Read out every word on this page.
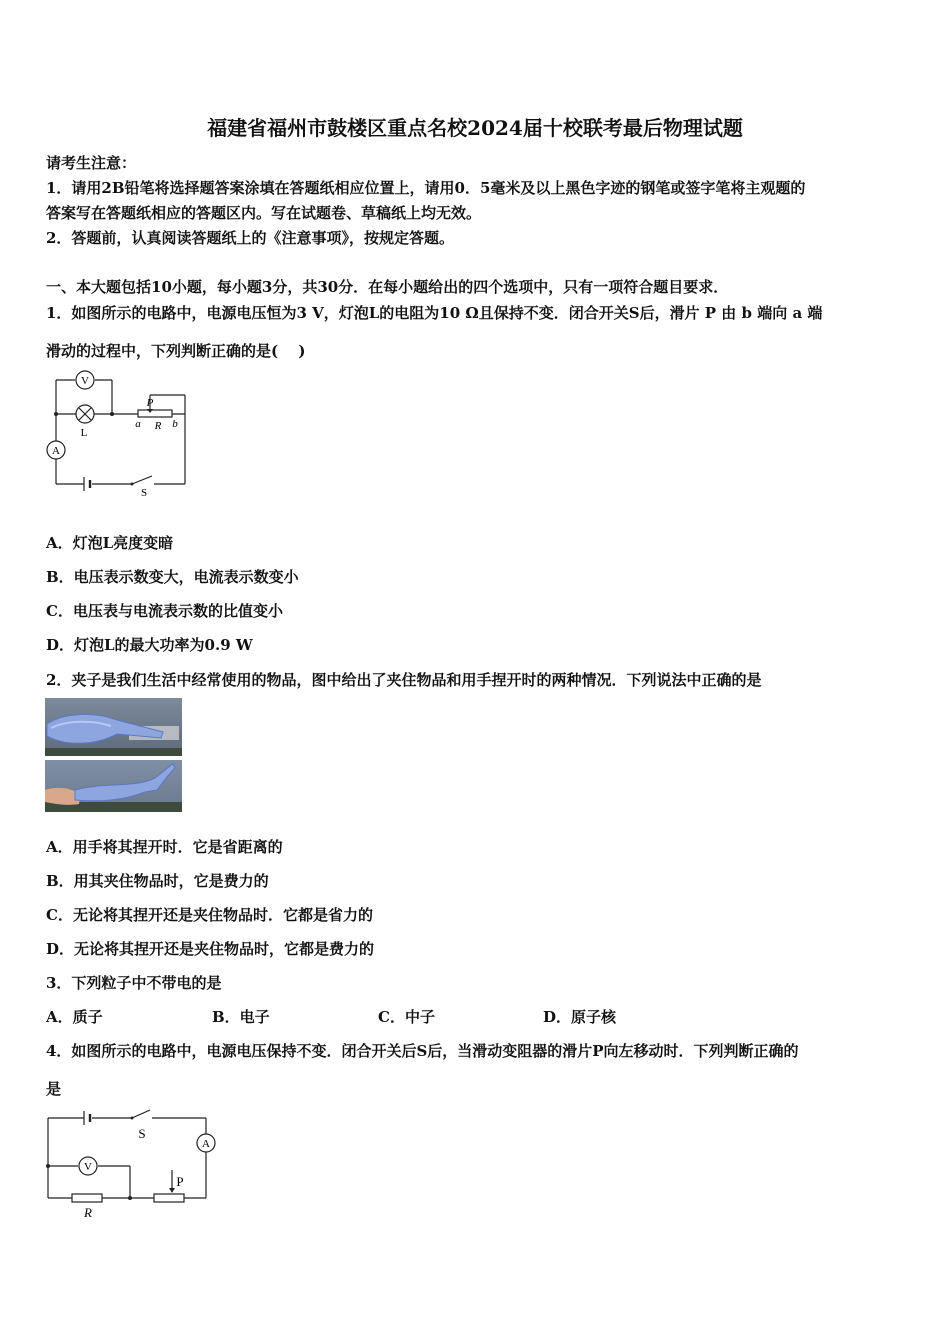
福建省福州市鼓楼区重点名校2024届十校联考最后物理试题
请考生注意：
1．请用2B铅笔将选择题答案涂填在答题纸相应位置上，请用0．5毫米及以上黑色字迹的钢笔或签字笔将主观题的
答案写在答题纸相应的答题区内。写在试题卷、草稿纸上均无效。
2．答题前，认真阅读答题纸上的《注意事项》，按规定答题。
一、本大题包括10小题，每小题3分，共30分．在每小题给出的四个选项中，只有一项符合题目要求．
1．如图所示的电路中，电源电压恒为3 V，灯泡L的电阻为10 Ω且保持不变．闭合开关S后，滑片 P 由 b 端向 a 端
滑动的过程中，下列判断正确的是(　 )
V
L
A
P
a R b
S
A．灯泡L亮度变暗
B．电压表示数变大，电流表示数变小
C．电压表与电流表示数的比值变小
D．灯泡L的最大功率为0.9 W
2．夹子是我们生活中经常使用的物品，图中给出了夹住物品和用手捏开时的两种情况．下列说法中正确的是
A．用手将其捏开时．它是省距离的
B．用其夹住物品时，它是费力的
C．无论将其捏开还是夹住物品时．它都是省力的
D．无论将其捏开还是夹住物品时，它都是费力的
3．下列粒子中不带电的是
A．质子	B．电子	C．中子	D．原子核
4．如图所示的电路中，电源电压保持不变．闭合开关后S后，当滑动变阻器的滑片P向左移动时．下列判断正确的
是
S
A
V
R
P
